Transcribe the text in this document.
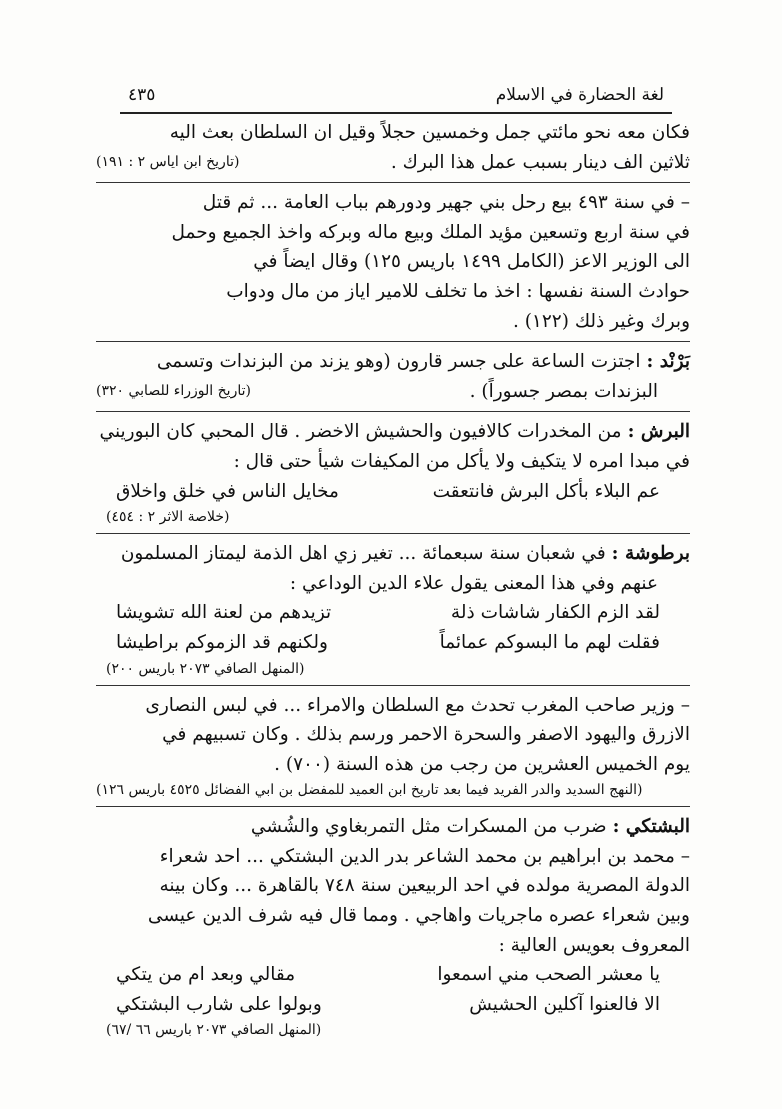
لغة الحضارة في الاسلام
٤٣٥
فكان معه نحو مائتي جمل وخمسين حجلاً وقيل ان السلطان بعث اليه
ثلاثين الف دينار بسبب عمل هذا البرك .
(تاريخ ابن اياس ٢ : ١٩١)
– في سنة ٤٩٣ بيع رحل بني جهير ودورهم بباب العامة ... ثم قتل
في سنة اربع وتسعين مؤيد الملك وبيع ماله وبركه واخذ الجميع وحمل
الى الوزير الاعز (الكامل ١٤٩٩ باريس ١٢٥) وقال ايضاً في
حوادث السنة نفسها : اخذ ما تخلف للامير اياز من مال ودواب
وبرك وغير ذلك (١٢٢) .
بَرْنْد :
اجتزت الساعة على جسر قارون (وهو يزند من البزندات وتسمى
البزندات بمصر جسوراً) .
(تاريخ الوزراء للصابي ٣٢٠)
البرش :
من المخدرات كالافيون والحشيش الاخضر . قال المحبي كان البوريني
في مبدا امره لا يتكيف ولا يأكل من المكيفات شيأً حتى قال :
عم البلاء بأكل البرش فانتعقت
مخايل الناس في خلق واخلاق
(خلاصة الاثر ٢ : ٤٥٤)
برطوشة :
في شعبان سنة سبعمائة ... تغير زي اهل الذمة ليمتاز المسلمون
عنهم وفي هذا المعنى يقول علاء الدين الوداعي :
لقد الزم الكفار شاشات ذلة
تزيدهم من لعنة الله تشويشا
فقلت لهم ما البسوكم عمائماً
ولكنهم قد الزموكم براطيشا
(المنهل الصافي ٢٠٧٣ باريس ٢٠٠)
– وزير صاحب المغرب تحدث مع السلطان والامراء ... في لبس النصارى
الازرق واليهود الاصفر والسحرة الاحمر ورسم بذلك . وكان تسبيهم في
يوم الخميس العشرين من رجب من هذه السنة (٧٠٠) .
(النهج السديد والدر الفريد فيما بعد تاريخ ابن العميد للمفضل بن ابي الفضائل ٤٥٢٥ باريس ١٢٦)
البشتكي :
ضرب من المسكرات مثل التمربغاوي والشُشي
– محمد بن ابراهيم بن محمد الشاعر بدر الدين البشتكي ... احد شعراء
الدولة المصرية مولده في احد الربيعين سنة ٧٤٨ بالقاهرة ... وكان بينه
وبين شعراء عصره ماجريات واهاجي . ومما قال فيه شرف الدين عيسى
المعروف بعويس العالية :
يا معشر الصحب مني اسمعوا
مقالي وبعد ام من يتكي
الا فالعنوا آكلين الحشيش
وبولوا على شارب البشتكي
(المنهل الصافي ٢٠٧٣ باريس ٦٦ /٦٧)
